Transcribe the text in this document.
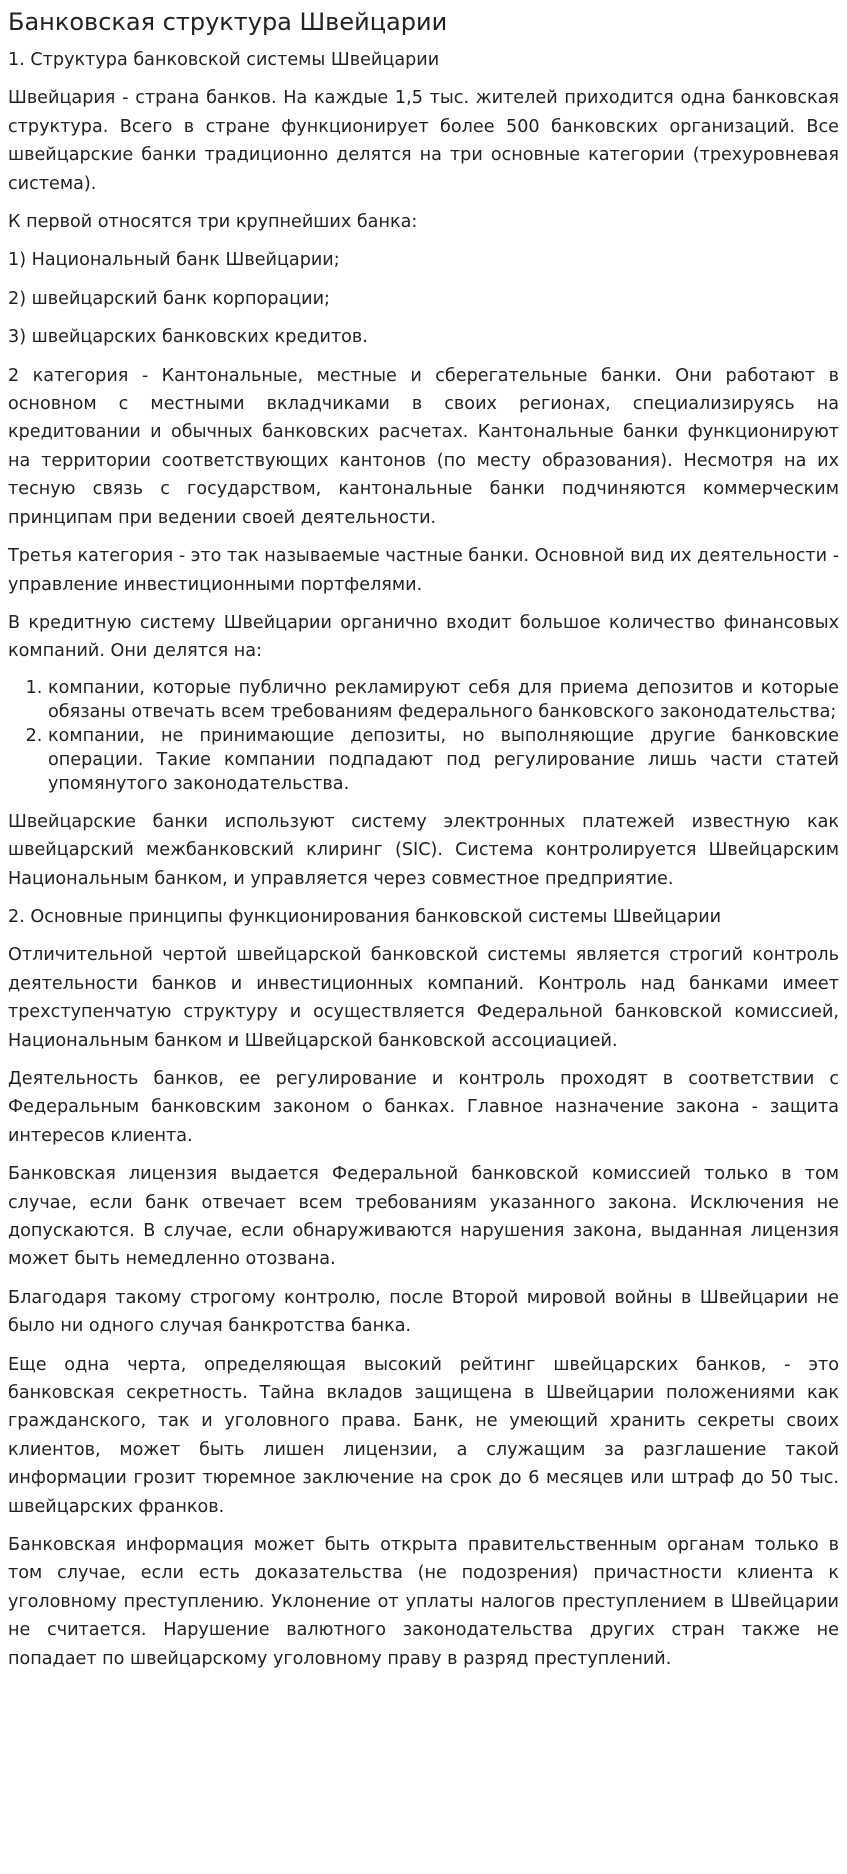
Банковская структура Швейцарии

1. Структура банковской системы Швейцарии

Швейцария - страна банков. На каждые 1,5 тыс. жителей приходится одна банковская структура. Всего в стране функционирует более 500 банковских организаций. Все швейцарские банки традиционно делятся на три основные категории (трехуровневая система).

К первой относятся три крупнейших банка:

1) Национальный банк Швейцарии;

2) швейцарский банк корпорации;

3) швейцарских банковских кредитов.

2 категория - Кантональные, местные и сберегательные банки. Они работают в основном с местными вкладчиками в своих регионах, специализируясь на кредитовании и обычных банковских расчетах. Кантональные банки функционируют на территории соответствующих кантонов (по месту образования). Несмотря на их тесную связь с государством, кантональные банки подчиняются коммерческим принципам при ведении своей деятельности.

Третья категория - это так называемые частные банки. Основной вид их деятельности - управление инвестиционными портфелями.

В кредитную систему Швейцарии органично входит большое количество финансовых компаний. Они делятся на:

1. компании, которые публично рекламируют себя для приема депозитов и которые обязаны отвечать всем требованиям федерального банковского законодательства;
2. компании, не принимающие депозиты, но выполняющие другие банковские операции. Такие компании подпадают под регулирование лишь части статей упомянутого законодательства.

Швейцарские банки используют систему электронных платежей известную как швейцарский межбанковский клиринг (SIC). Система контролируется Швейцарским Национальным банком, и управляется через совместное предприятие.

2. Основные принципы функционирования банковской системы Швейцарии

Отличительной чертой швейцарской банковской системы является строгий контроль деятельности банков и инвестиционных компаний. Контроль над банками имеет трехступенчатую структуру и осуществляется Федеральной банковской комиссией, Национальным банком и Швейцарской банковской ассоциацией.

Деятельность банков, ее регулирование и контроль проходят в соответствии с Федеральным банковским законом о банках. Главное назначение закона - защита интересов клиента.

Банковская лицензия выдается Федеральной банковской комиссией только в том случае, если банк отвечает всем требованиям указанного закона. Исключения не допускаются. В случае, если обнаруживаются нарушения закона, выданная лицензия может быть немедленно отозвана.

Благодаря такому строгому контролю, после Второй мировой войны в Швейцарии не было ни одного случая банкротства банка.

Еще одна черта, определяющая высокий рейтинг швейцарских банков, - это банковская секретность. Тайна вкладов защищена в Швейцарии положениями как гражданского, так и уголовного права. Банк, не умеющий хранить секреты своих клиентов, может быть лишен лицензии, а служащим за разглашение такой информации грозит тюремное заключение на срок до 6 месяцев или штраф до 50 тыс. швейцарских франков.

Банковская информация может быть открыта правительственным органам только в том случае, если есть доказательства (не подозрения) причастности клиента к уголовному преступлению. Уклонение от уплаты налогов преступлением в Швейцарии не считается. Нарушение валютного законодательства других стран также не попадает по швейцарскому уголовному праву в разряд преступлений.
